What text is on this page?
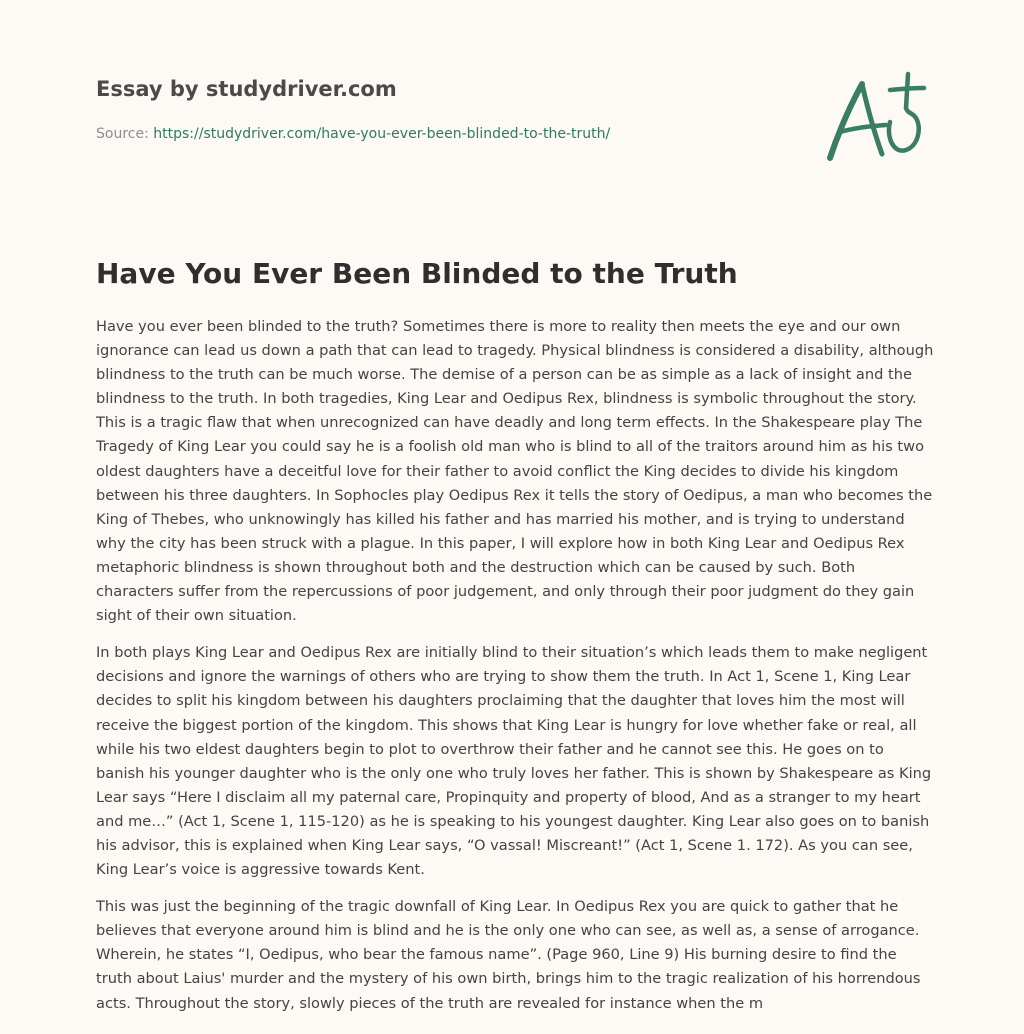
Essay by studydriver.com
Source: https://studydriver.com/have-you-ever-been-blinded-to-the-truth/
Have You Ever Been Blinded to the Truth

Have you ever been blinded to the truth? Sometimes there is more to reality then meets the eye and our own ignorance can lead us down a path that can lead to tragedy. Physical blindness is considered a disability, although blindness to the truth can be much worse. The demise of a person can be as simple as a lack of insight and the blindness to the truth. In both tragedies, King Lear and Oedipus Rex, blindness is symbolic throughout the story. This is a tragic flaw that when unrecognized can have deadly and long term effects. In the Shakespeare play The Tragedy of King Lear you could say he is a foolish old man who is blind to all of the traitors around him as his two oldest daughters have a deceitful love for their father to avoid conflict the King decides to divide his kingdom between his three daughters. In Sophocles play Oedipus Rex it tells the story of Oedipus, a man who becomes the King of Thebes, who unknowingly has killed his father and has married his mother, and is trying to understand why the city has been struck with a plague. In this paper, I will explore how in both King Lear and Oedipus Rex metaphoric blindness is shown throughout both and the destruction which can be caused by such. Both characters suffer from the repercussions of poor judgement, and only through their poor judgment do they gain sight of their own situation.

In both plays King Lear and Oedipus Rex are initially blind to their situation’s which leads them to make negligent decisions and ignore the warnings of others who are trying to show them the truth. In Act 1, Scene 1, King Lear decides to split his kingdom between his daughters proclaiming that the daughter that loves him the most will receive the biggest portion of the kingdom. This shows that King Lear is hungry for love whether fake or real, all while his two eldest daughters begin to plot to overthrow their father and he cannot see this. He goes on to banish his younger daughter who is the only one who truly loves her father. This is shown by Shakespeare as King Lear says “Here I disclaim all my paternal care, Propinquity and property of blood, And as a stranger to my heart and me…” (Act 1, Scene 1, 115-120) as he is speaking to his youngest daughter. King Lear also goes on to banish his advisor, this is explained when King Lear says, “O vassal! Miscreant!” (Act 1, Scene 1. 172). As you can see, King Lear’s voice is aggressive towards Kent.

This was just the beginning of the tragic downfall of King Lear. In Oedipus Rex you are quick to gather that he believes that everyone around him is blind and he is the only one who can see, as well as, a sense of arrogance. Wherein, he states “I, Oedipus, who bear the famous name”. (Page 960, Line 9) His burning desire to find the truth about Laius' murder and the mystery of his own birth, brings him to the tragic realization of his horrendous acts. Throughout the story, slowly pieces of the truth are revealed for instance when the m
